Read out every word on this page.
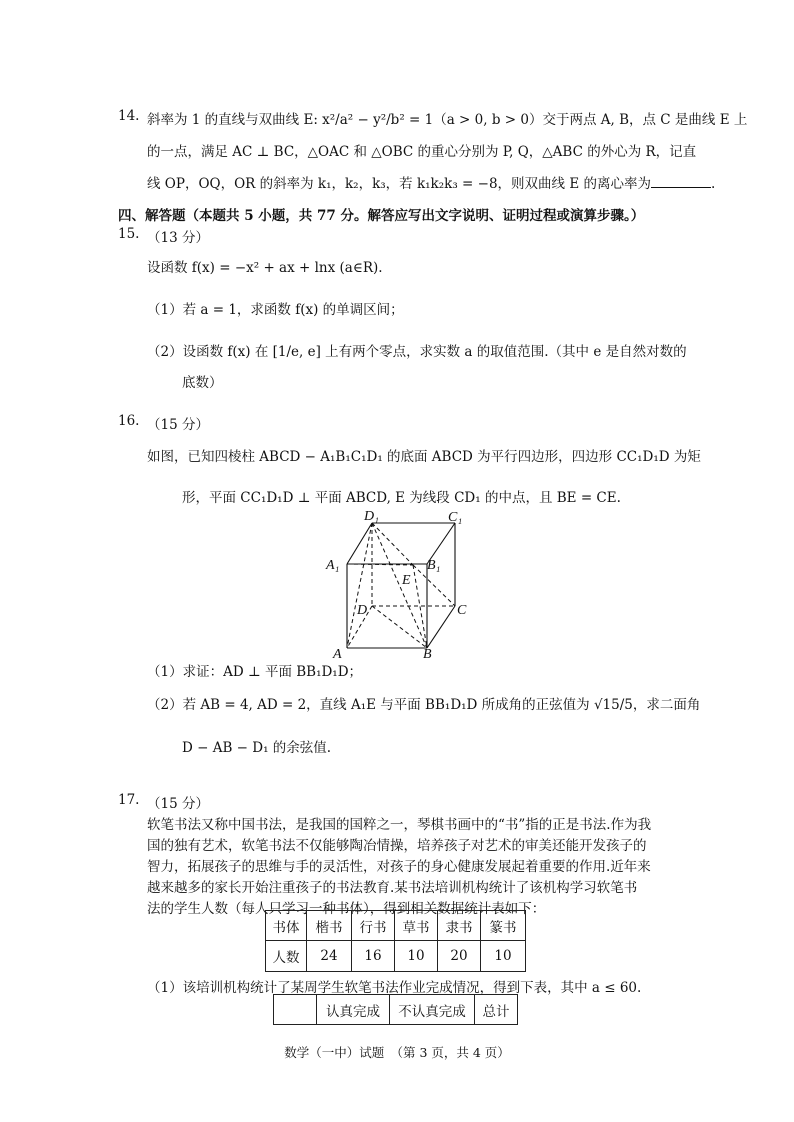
14. 斜率为 1 的直线与双曲线 E: x²/a² − y²/b² = 1（a > 0, b > 0）交于两点 A, B，点 C 是曲线 E 上
的一点，满足 AC ⊥ BC，△OAC 和 △OBC 的重心分别为 P, Q，△ABC 的外心为 R，记直
线 OP，OQ，OR 的斜率为 k₁，k₂，k₃，若 k₁k₂k₃ = −8，则双曲线 E 的离心率为	.
四、解答题（本题共 5 小题，共 77 分。解答应写出文字说明、证明过程或演算步骤。）
15. （13 分）
设函数 f(x) = −x² + ax + lnx (a∈R).
（1）若 a = 1，求函数 f(x) 的单调区间；
（2）设函数 f(x) 在 [1/e, e] 上有两个零点，求实数 a 的取值范围.（其中 e 是自然对数的
底数）
16. （15 分）
如图，已知四棱柱 ABCD − A₁B₁C₁D₁ 的底面 ABCD 为平行四边形，四边形 CC₁D₁D 为矩
形，平面 CC₁D₁D ⊥ 平面 ABCD, E 为线段 CD₁ 的中点，且 BE = CE.
D₁	C₁
A₁	B₁
E
D	C
A	B
（1）求证：AD ⊥ 平面 BB₁D₁D；
（2）若 AB = 4, AD = 2，直线 A₁E 与平面 BB₁D₁D 所成角的正弦值为 √15/5，求二面角
D − AB − D₁ 的余弦值.
17. （15 分）
软笔书法又称中国书法，是我国的国粹之一，琴棋书画中的“书”指的正是书法.作为我
国的独有艺术，软笔书法不仅能够陶冶情操，培养孩子对艺术的审美还能开发孩子的
智力，拓展孩子的思维与手的灵活性，对孩子的身心健康发展起着重要的作用.近年来
越来越多的家长开始注重孩子的书法教育.某书法培训机构统计了该机构学习软笔书
法的学生人数（每人只学习一种书体），得到相关数据统计表如下：
书体	楷书	行书	草书	隶书	篆书
人数	24	16	10	20	10
（1）该培训机构统计了某周学生软笔书法作业完成情况，得到下表，其中 a ≤ 60.
	认真完成	不认真完成	总计
数学（一中）试题　（第 3 页，共 4 页）
